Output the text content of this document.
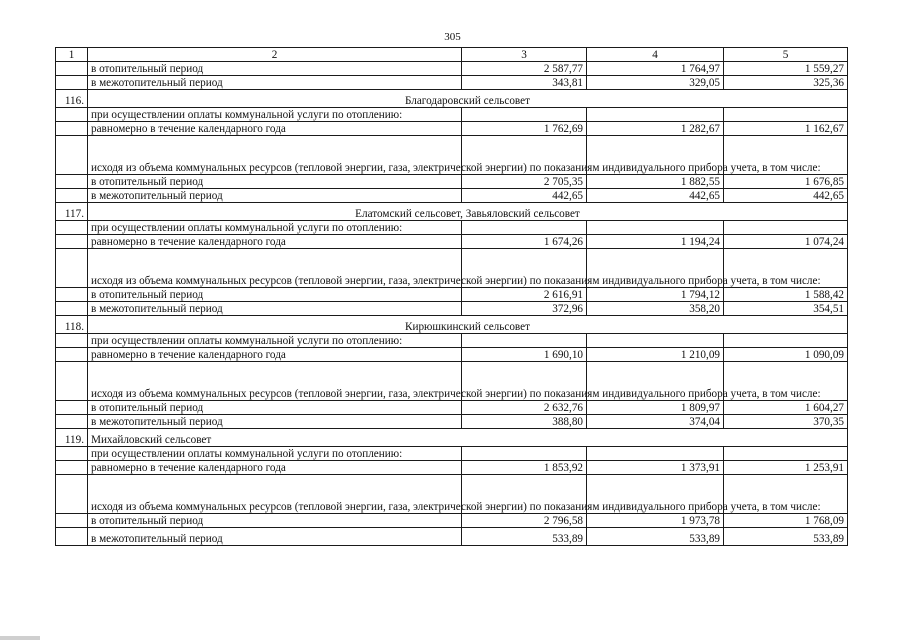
305
1	2	3	4	5
	в отопительный период	2 587,77	1 764,97	1 559,27
	в межотопительный период	343,81	329,05	325,36
116.	Благодаровский сельсовет			
	при осуществлении оплаты коммунальной услуги по отоплению:			
	равномерно в течение календарного года	1 762,69	1 282,67	1 162,67
	исходя из объема коммунальных ресурсов (тепловой энергии, газа, электрической энергии) по показаниям индивидуального прибора учета, в том числе:			
	в отопительный период	2 705,35	1 882,55	1 676,85
	в межотопительный период	442,65	442,65	442,65
117.	Елатомский сельсовет, Завьяловский сельсовет			
	при осуществлении оплаты коммунальной услуги по отоплению:			
	равномерно в течение календарного года	1 674,26	1 194,24	1 074,24
	исходя из объема коммунальных ресурсов (тепловой энергии, газа, электрической энергии) по показаниям индивидуального прибора учета, в том числе:			
	в отопительный период	2 616,91	1 794,12	1 588,42
	в межотопительный период	372,96	358,20	354,51
118.	Кирюшкинский сельсовет			
	при осуществлении оплаты коммунальной услуги по отоплению:			
	равномерно в течение календарного года	1 690,10	1 210,09	1 090,09
	исходя из объема коммунальных ресурсов (тепловой энергии, газа, электрической энергии) по показаниям индивидуального прибора учета, в том числе:			
	в отопительный период	2 632,76	1 809,97	1 604,27
	в межотопительный период	388,80	374,04	370,35
119.	Михайловский сельсовет			
	при осуществлении оплаты коммунальной услуги по отоплению:			
	равномерно в течение календарного года	1 853,92	1 373,91	1 253,91
	исходя из объема коммунальных ресурсов (тепловой энергии, газа, электрической энергии) по показаниям индивидуального прибора учета, в том числе:			
	в отопительный период	2 796,58	1 973,78	1 768,09
	в межотопительный период	533,89	533,89	533,89
